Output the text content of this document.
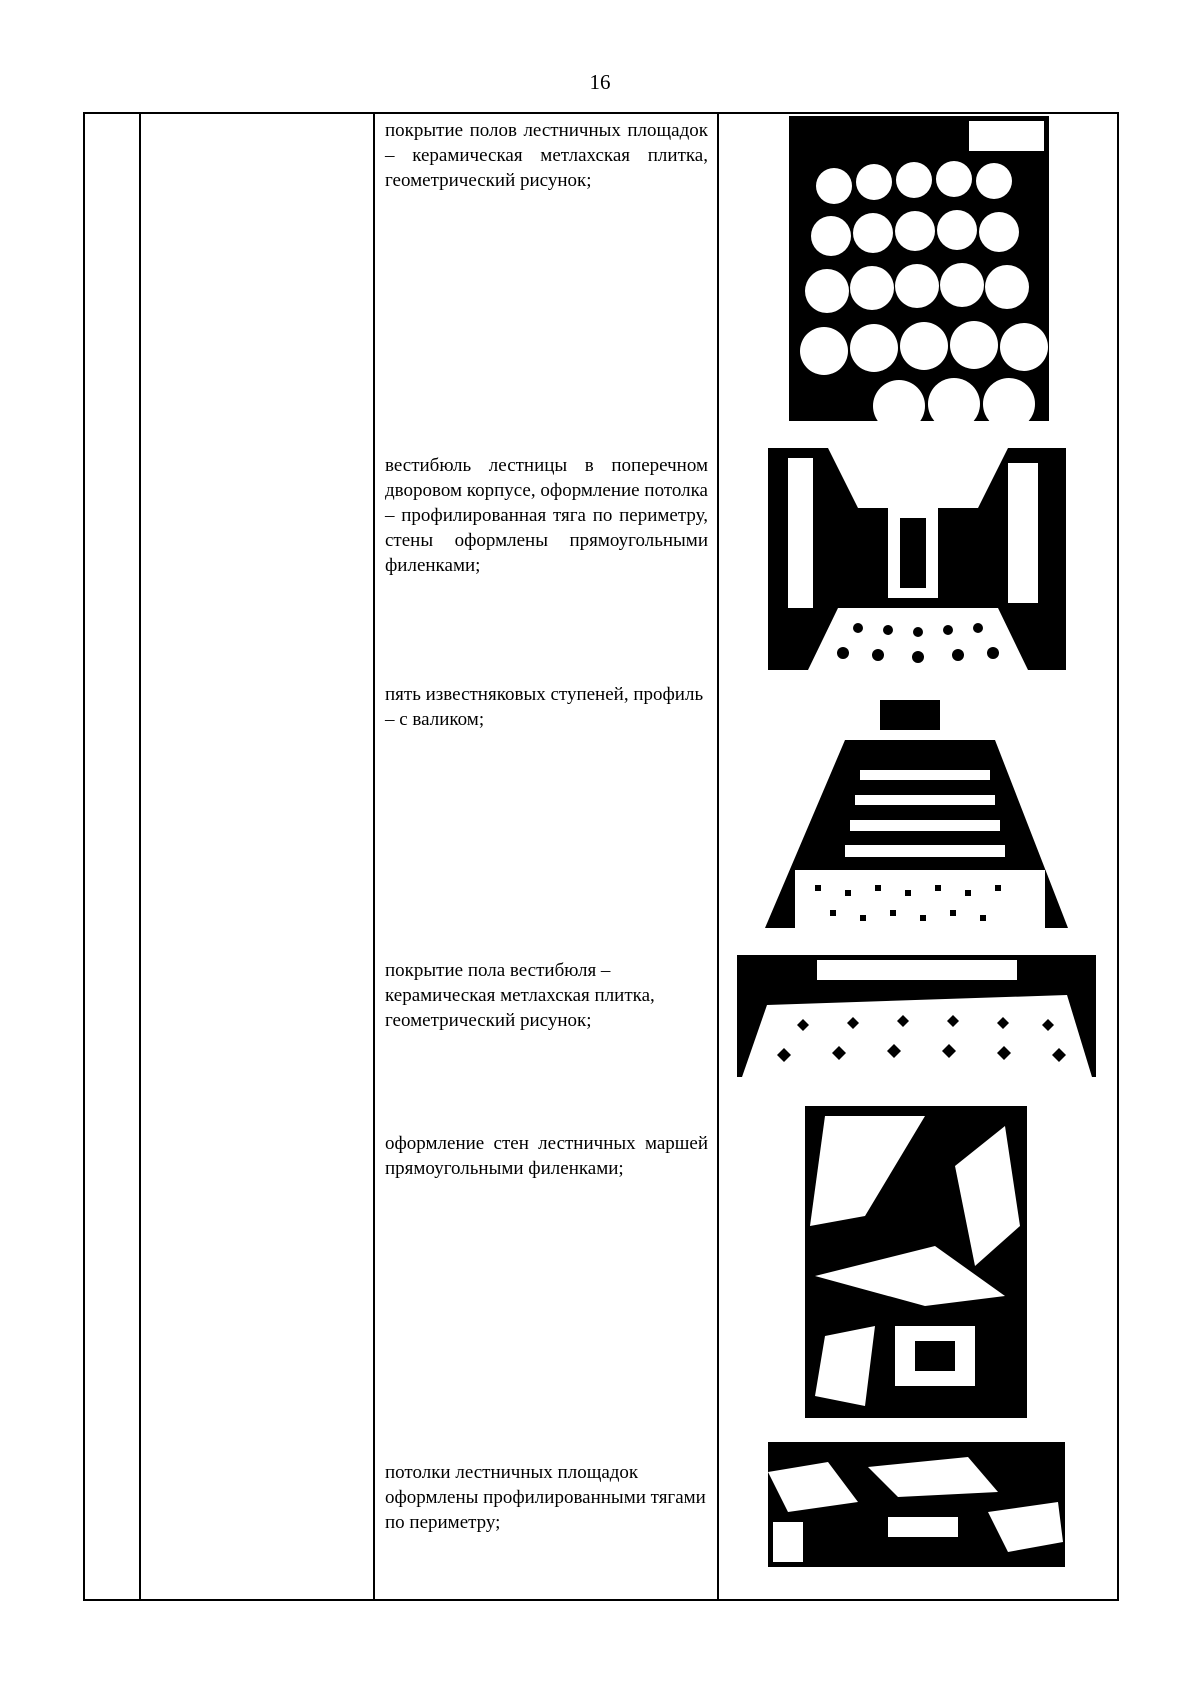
16
покрытие полов лестничных площадок – керамическая метлахская плитка, геометрический рисунок;
вестибюль лестницы в поперечном дворовом корпусе, оформление потолка – профилированная тяга по периметру, стены оформлены прямоугольными филенками;
пять известняковых ступеней, профиль – с валиком;
покрытие пола вестибюля – керамическая метлахская плитка, геометрический рисунок;
оформление стен лестничных маршей прямоугольными филенками;
потолки лестничных площадок оформлены профилированными тягами по периметру;
